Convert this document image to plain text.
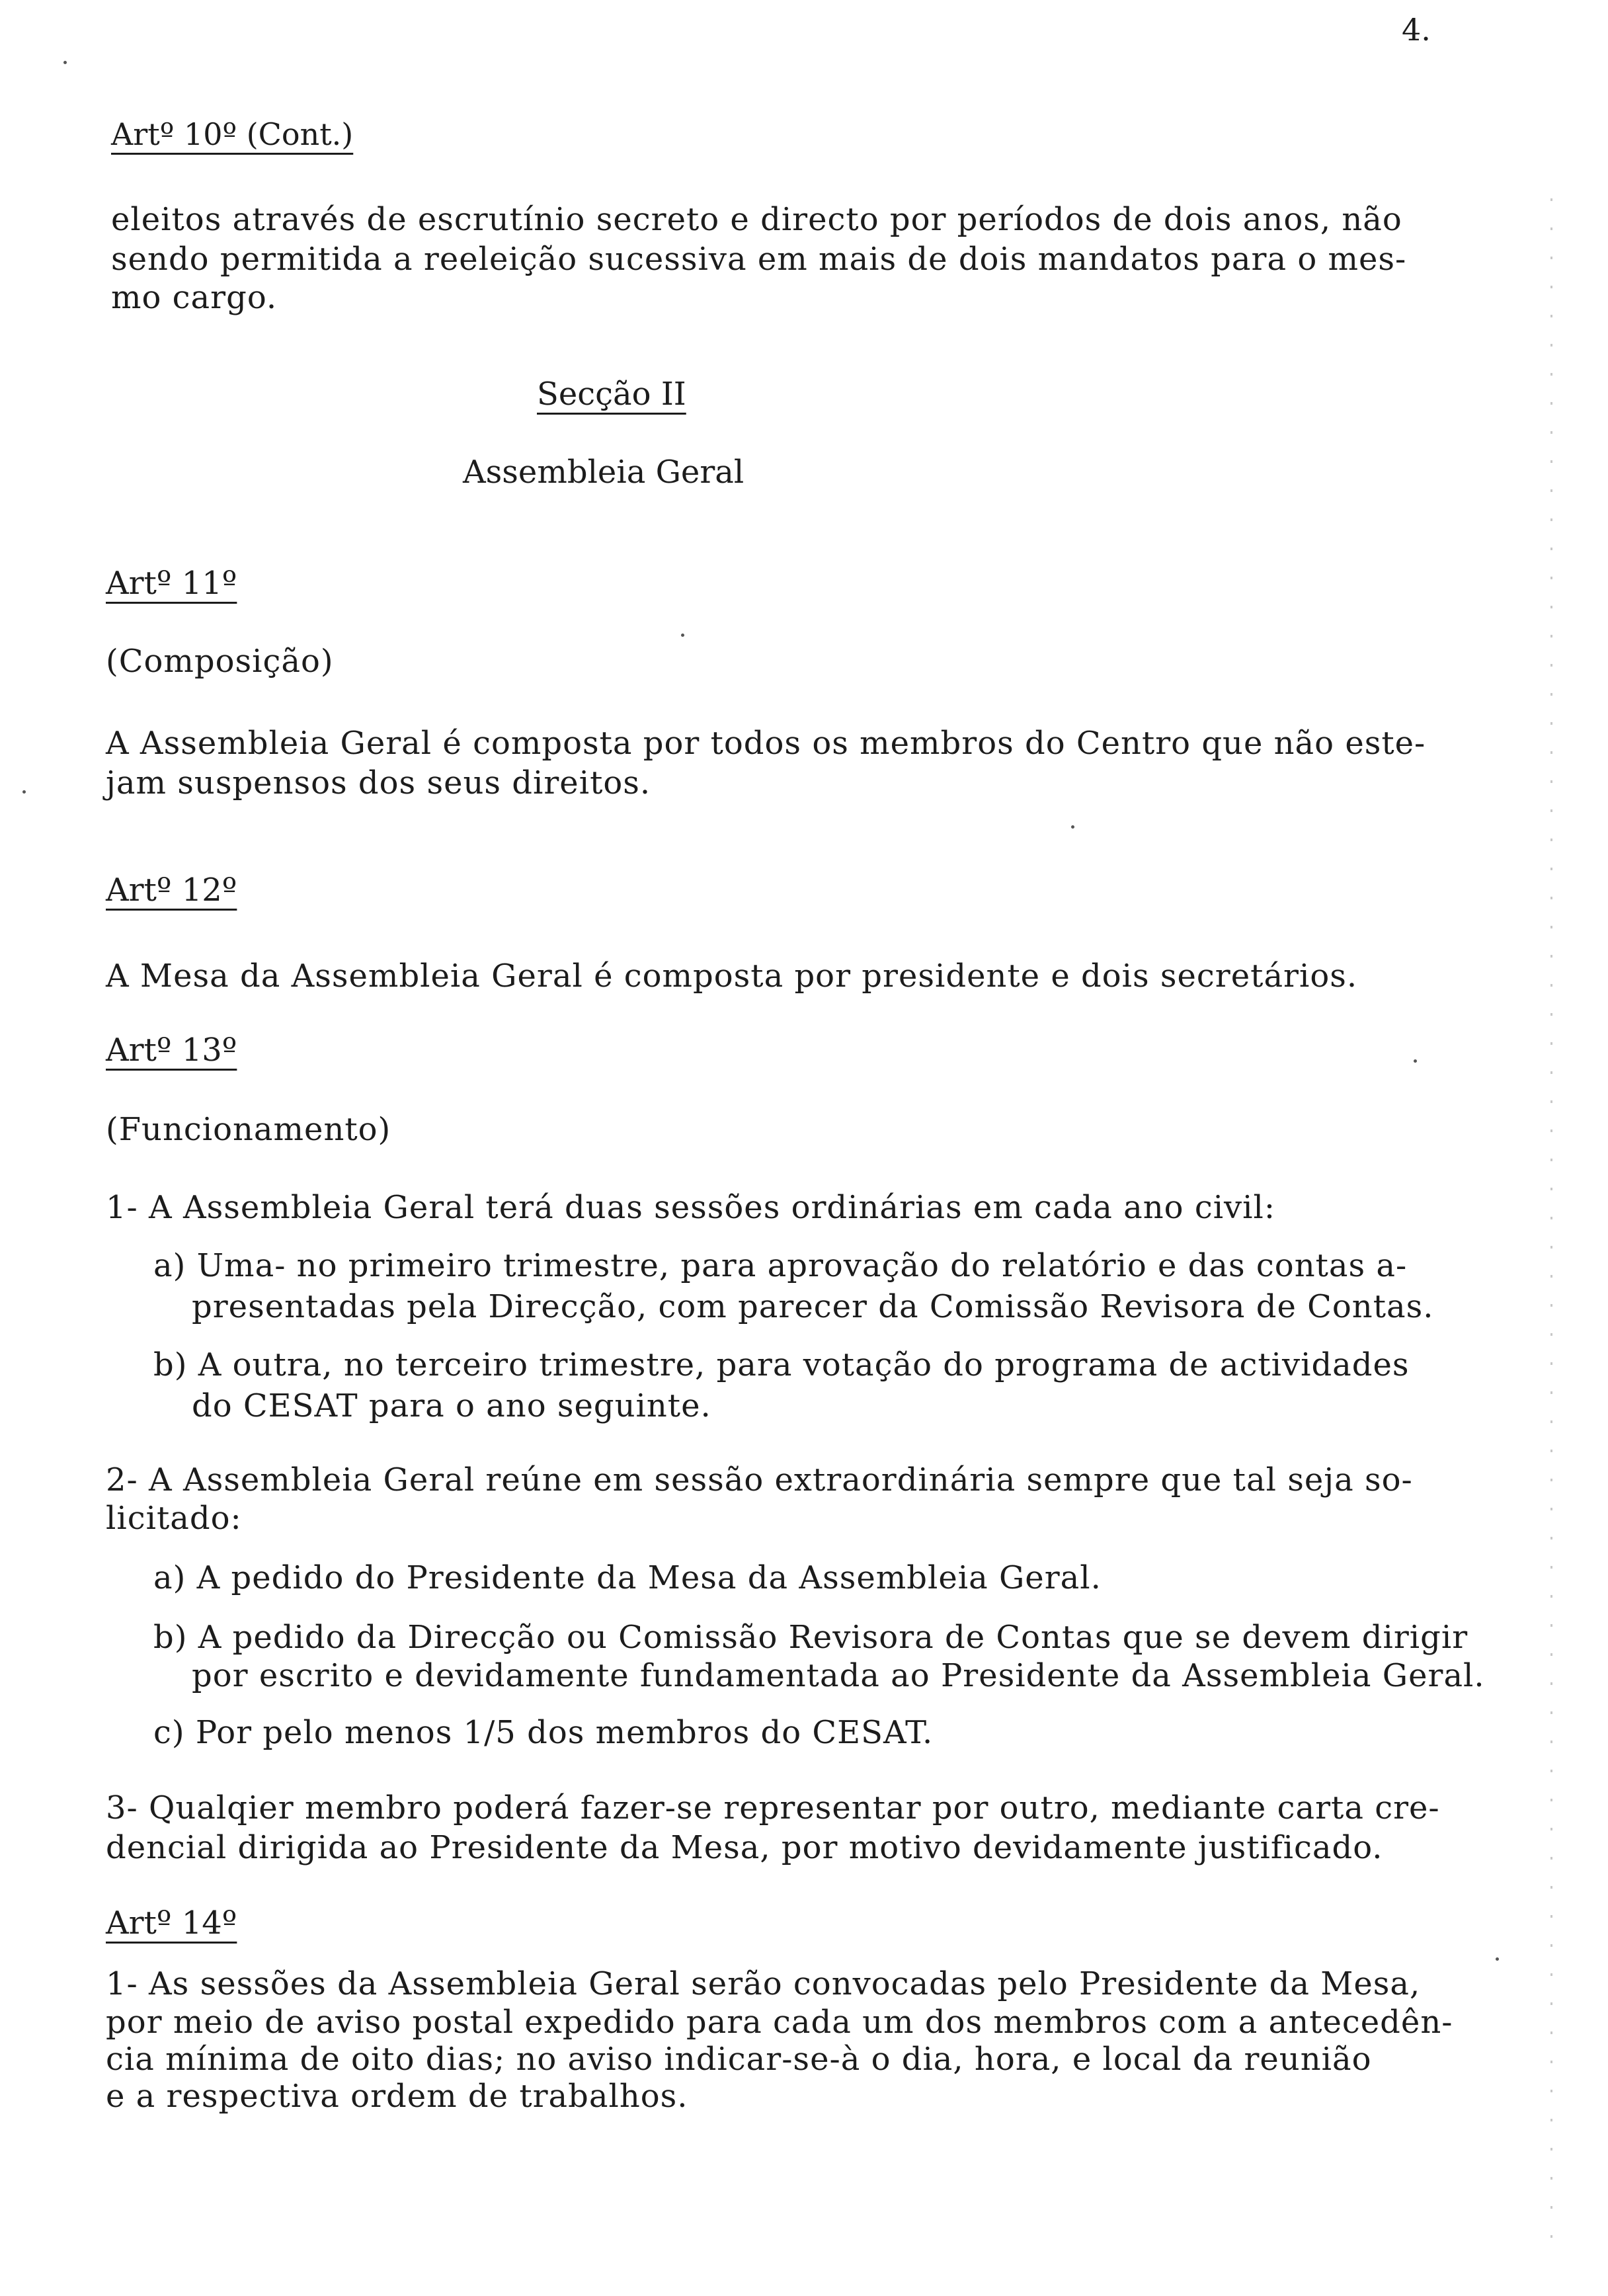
4.
Artº 10º (Cont.)
eleitos através de escrutínio secreto e directo por períodos de dois anos, não
sendo permitida a reeleição sucessiva em mais de dois mandatos para o mes-
mo cargo.
Secção II
Assembleia Geral
Artº 11º
(Composição)
A Assembleia Geral é composta por todos os membros do Centro que não este-
jam suspensos dos seus direitos.
Artº 12º
A Mesa da Assembleia Geral é composta por presidente e dois secretários.
Artº 13º
(Funcionamento)
1- A Assembleia Geral terá duas sessões ordinárias em cada ano civil:
a) Uma- no primeiro trimestre, para aprovação do relatório e das contas a-
presentadas pela Direcção, com parecer da Comissão Revisora de Contas.
b) A outra, no terceiro trimestre, para votação do programa de actividades
do CESAT para o ano seguinte.
2- A Assembleia Geral reúne em sessão extraordinária sempre que tal seja so-
licitado:
a) A pedido do Presidente da Mesa da Assembleia Geral.
b) A pedido da Direcção ou Comissão Revisora de Contas que se devem dirigir
por escrito e devidamente fundamentada ao Presidente da Assembleia Geral.
c) Por pelo menos 1/5 dos membros do CESAT.
3- Qualqier membro poderá fazer-se representar por outro, mediante carta cre-
dencial dirigida ao Presidente da Mesa, por motivo devidamente justificado.
Artº 14º
1- As sessões da Assembleia Geral serão convocadas pelo Presidente da Mesa,
por meio de aviso postal expedido para cada um dos membros com a antecedên-
cia mínima de oito dias; no aviso indicar-se-à o dia, hora, e local da reunião
e a respectiva ordem de trabalhos.
